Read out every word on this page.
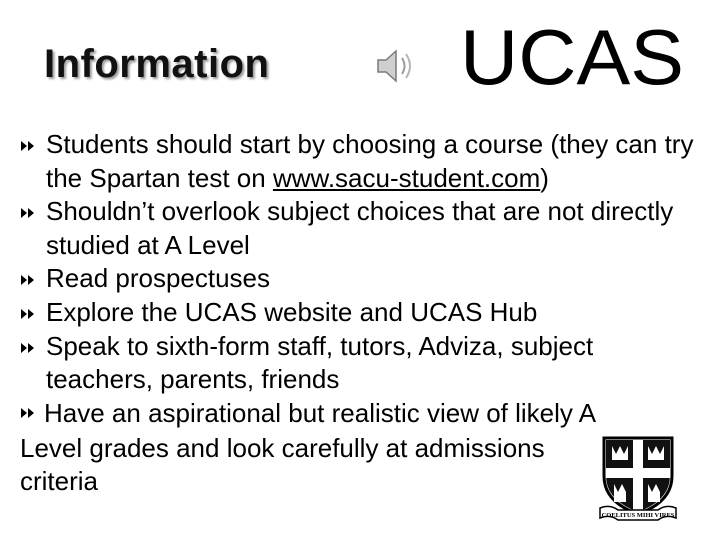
Information UCAS
Students should start by choosing a course (they can try the Spartan test on www.sacu-student.com)
Shouldn’t overlook subject choices that are not directly studied at A Level
Read prospectuses
Explore the UCAS website and UCAS Hub
Speak to sixth-form staff, tutors, Adviza, subject teachers, parents, friends
Have an aspirational but realistic view of likely A Level grades and look carefully at admissions criteria
COELITUS MIHI VIRES
